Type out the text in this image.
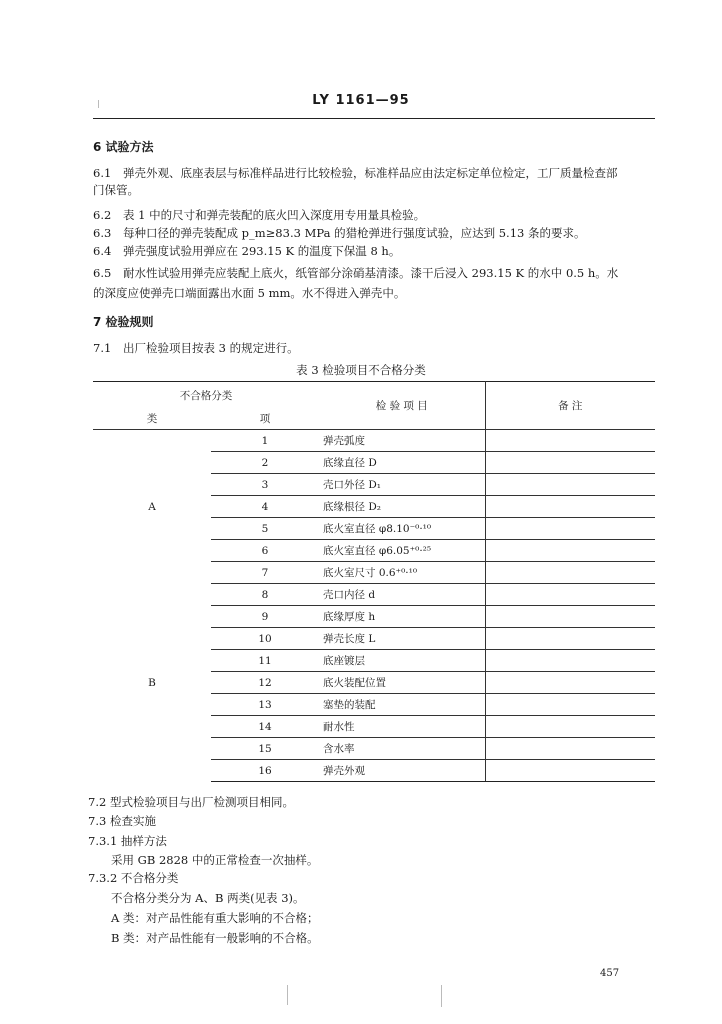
LY 1161—95
6 试验方法
6.1 弹壳外观、底座表层与标准样品进行比较检验，标准样品应由法定标定单位检定，工厂质量检查部
门保管。
6.2 表 1 中的尺寸和弹壳装配的底火凹入深度用专用量具检验。
6.3 每种口径的弹壳装配成 p_m≥83.3 MPa 的猎枪弹进行强度试验，应达到 5.13 条的要求。
6.4 弹壳强度试验用弹应在 293.15 K 的温度下保温 8 h。
6.5 耐水性试验用弹壳应装配上底火，纸管部分涂硝基清漆。漆干后浸入 293.15 K 的水中 0.5 h。水
的深度应使弹壳口端面露出水面 5 mm。水不得进入弹壳中。
7 检验规则
7.1 出厂检验项目按表 3 的规定进行。
表 3 检验项目不合格分类
不合格分类		检 验 项 目	备 注
类	项		
A	1	弹壳弧度	
	2	底缘直径 D	
	3	壳口外径 D₁	
	4	底缘根径 D₂	
	5	底火室直径 φ8.10⁻⁰·¹⁰	
	6	底火室直径 φ6.05⁺⁰·²⁵	
	7	底火室尺寸 0.6⁺⁰·¹⁰	
B	8	壳口内径 d	
	9	底缘厚度 h	
	10	弹壳长度 L	
	11	底座镀层	
	12	底火装配位置	
	13	塞垫的装配	
	14	耐水性	
	15	含水率	
	16	弹壳外观	
7.2 型式检验项目与出厂检测项目相同。
7.3 检查实施
7.3.1 抽样方法
采用 GB 2828 中的正常检查一次抽样。
7.3.2 不合格分类
不合格分类分为 A、B 两类(见表 3)。
A 类：对产品性能有重大影响的不合格；
B 类：对产品性能有一般影响的不合格。
457
